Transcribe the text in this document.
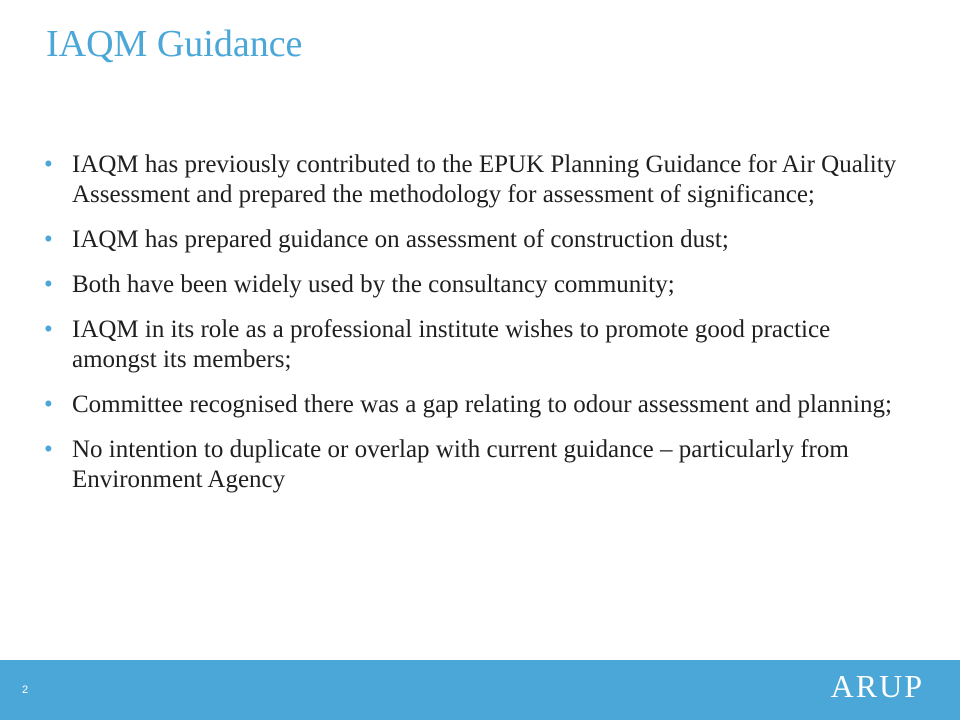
IAQM Guidance
• IAQM has previously contributed to the EPUK Planning Guidance for Air Quality Assessment and prepared the methodology for assessment of significance;
• IAQM has prepared guidance on assessment of construction dust;
• Both have been widely used by the consultancy community;
• IAQM in its role as a professional institute wishes to promote good practice amongst its members;
• Committee recognised there was a gap relating to odour assessment and planning;
• No intention to duplicate or overlap with current guidance – particularly from Environment Agency
2	ARUP
